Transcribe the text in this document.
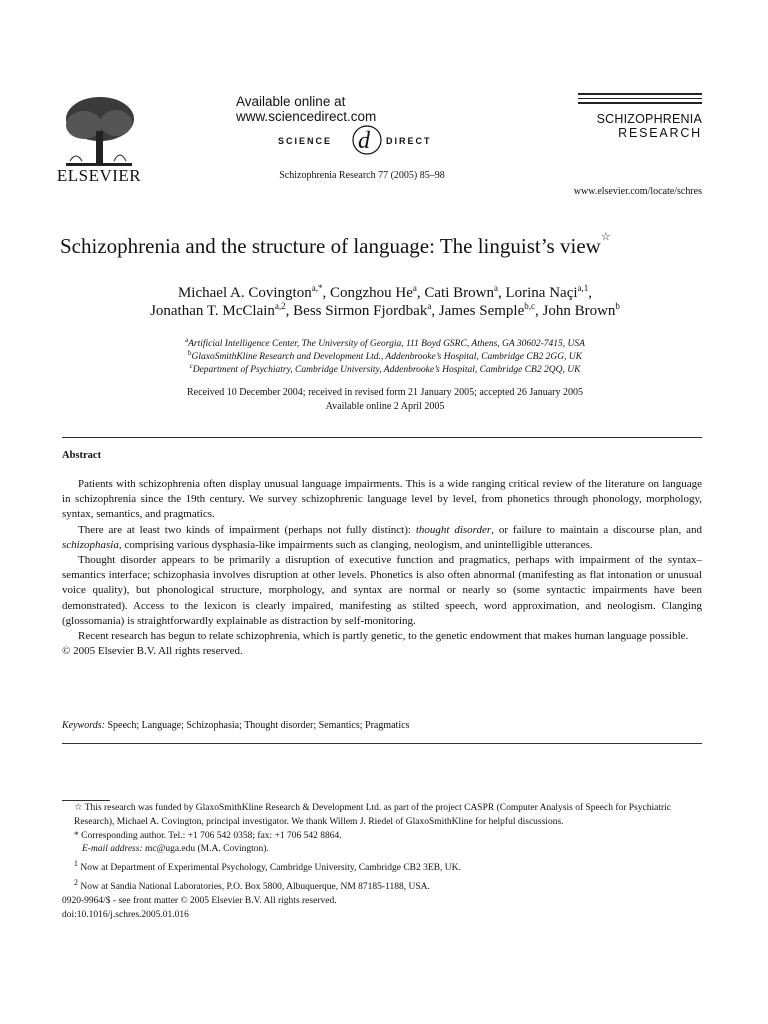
ELSEVIER
Available online at www.sciencedirect.com
SCIENCE d DIRECT
Schizophrenia Research 77 (2005) 85–98
SCHIZOPHRENIA
RESEARCH
www.elsevier.com/locate/schres
Schizophrenia and the structure of language: The linguist’s view☆
Michael A. Covington$^{a,*}$, Congzhou He$^a$, Cati Brown$^a$, Lorina Naçi$^{a,1}$,
Jonathan T. McClain$^{a,2}$, Bess Sirmon Fjordbak$^a$, James Semple$^{b,c}$, John Brown$^b$
$^a$Artificial Intelligence Center, The University of Georgia, 111 Boyd GSRC, Athens, GA 30602-7415, USA
$^b$GlaxoSmithKline Research and Development Ltd., Addenbrooke’s Hospital, Cambridge CB2 2GG, UK
$^c$Department of Psychiatry, Cambridge University, Addenbrooke’s Hospital, Cambridge CB2 2QQ, UK
Received 10 December 2004; received in revised form 21 January 2005; accepted 26 January 2005
Available online 2 April 2005
Abstract

Patients with schizophrenia often display unusual language impairments. This is a wide ranging critical review of the literature on language in schizophrenia since the 19th century. We survey schizophrenic language level by level, from phonetics through phonology, morphology, syntax, semantics, and pragmatics.

There are at least two kinds of impairment (perhaps not fully distinct): thought disorder, or failure to maintain a discourse plan, and schizophasia, comprising various dysphasia-like impairments such as clanging, neologism, and unintelligible utterances.

Thought disorder appears to be primarily a disruption of executive function and pragmatics, perhaps with impairment of the syntax–semantics interface; schizophasia involves disruption at other levels. Phonetics is also often abnormal (manifesting as flat intonation or unusual voice quality), but phonological structure, morphology, and syntax are normal or nearly so (some syntactic impairments have been demonstrated). Access to the lexicon is clearly impaired, manifesting as stilted speech, word approximation, and neologism. Clanging (glossomania) is straightforwardly explainable as distraction by self-monitoring.

Recent research has begun to relate schizophrenia, which is partly genetic, to the genetic endowment that makes human language possible.

© 2005 Elsevier B.V. All rights reserved.

Keywords: Speech; Language; Schizophasia; Thought disorder; Semantics; Pragmatics
☆ This research was funded by GlaxoSmithKline Research & Development Ltd. as part of the project CASPR (Computer Analysis of Speech for Psychiatric Research), Michael A. Covington, principal investigator. We thank Willem J. Riedel of GlaxoSmithKline for helpful discussions.
* Corresponding author. Tel.: +1 706 542 0358; fax: +1 706 542 8864.
E-mail address: mc@uga.edu (M.A. Covington).
$^1$ Now at Department of Experimental Psychology, Cambridge University, Cambridge CB2 3EB, UK.
$^2$ Now at Sandia National Laboratories, P.O. Box 5800, Albuquerque, NM 87185-1188, USA.
0920-9964/$ - see front matter © 2005 Elsevier B.V. All rights reserved.
doi:10.1016/j.schres.2005.01.016
